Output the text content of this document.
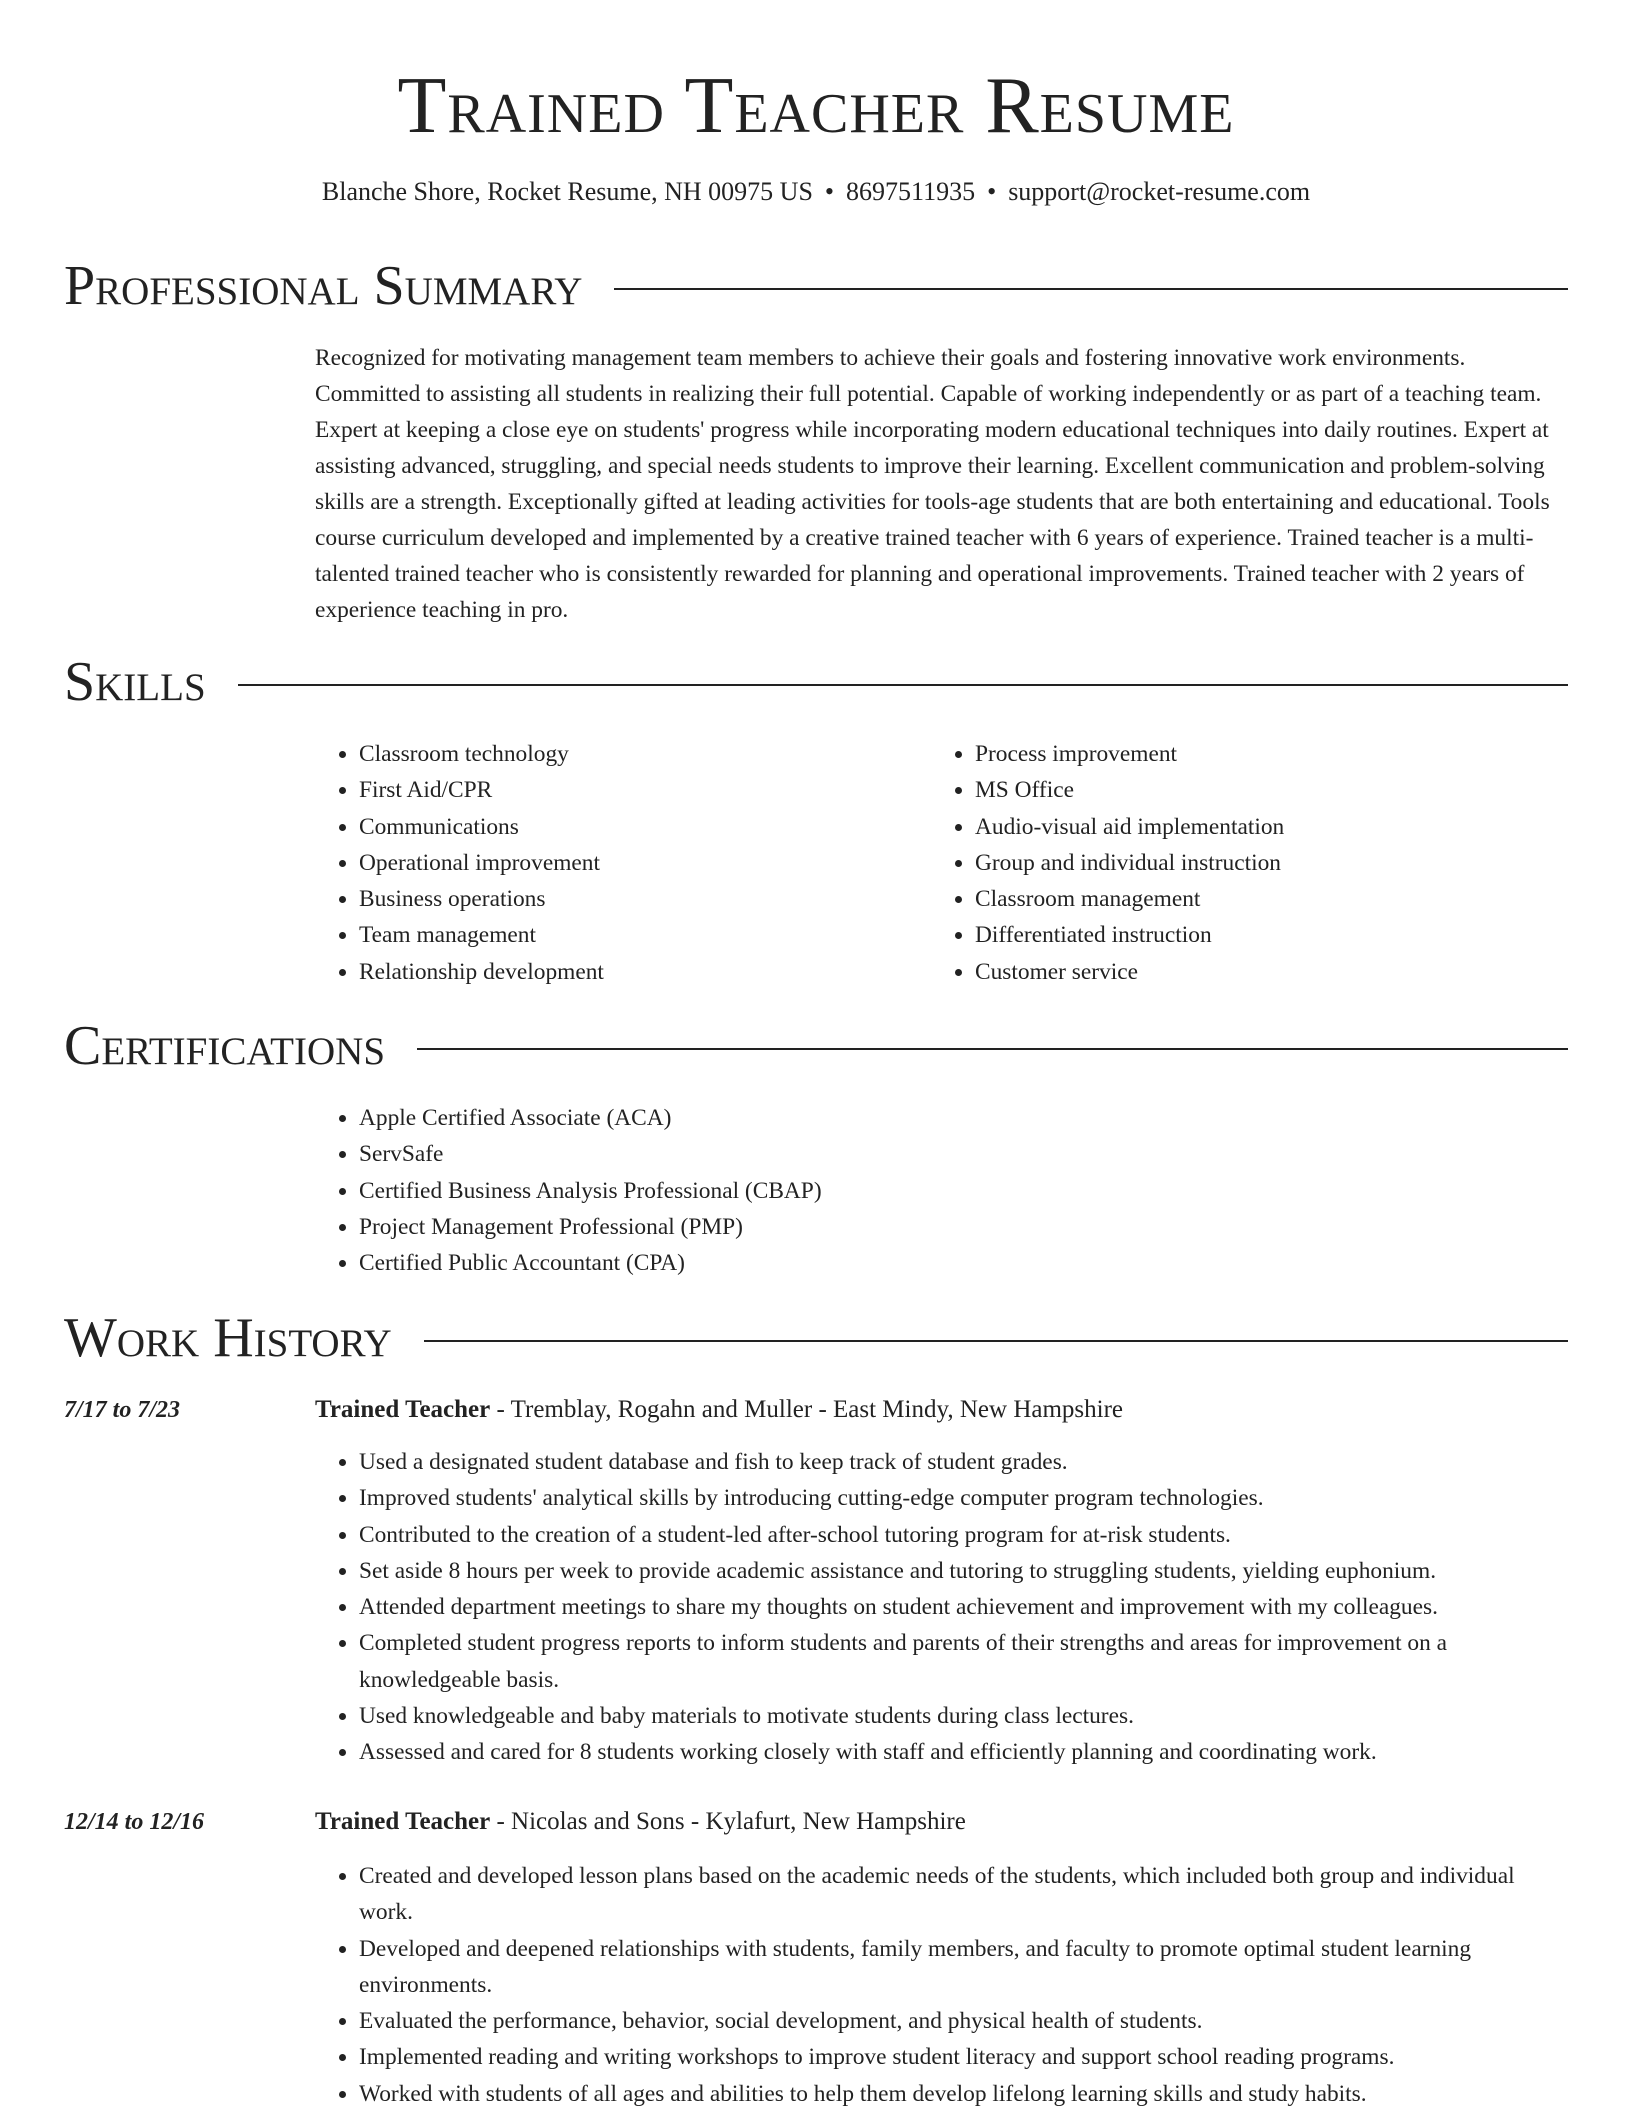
Trained Teacher Resume
Blanche Shore, Rocket Resume, NH 00975 US • 8697511935 • support@rocket-resume.com
Professional Summary
Recognized for motivating management team members to achieve their goals and fostering innovative work environments. Committed to assisting all students in realizing their full potential. Capable of working independently or as part of a teaching team. Expert at keeping a close eye on students' progress while incorporating modern educational techniques into daily routines. Expert at assisting advanced, struggling, and special needs students to improve their learning. Excellent communication and problem-solving skills are a strength. Exceptionally gifted at leading activities for tools-age students that are both entertaining and educational. Tools course curriculum developed and implemented by a creative trained teacher with 6 years of experience. Trained teacher is a multi-talented trained teacher who is consistently rewarded for planning and operational improvements. Trained teacher with 2 years of experience teaching in pro.
Skills
• Classroom technology
• First Aid/CPR
• Communications
• Operational improvement
• Business operations
• Team management
• Relationship development
• Process improvement
• MS Office
• Audio-visual aid implementation
• Group and individual instruction
• Classroom management
• Differentiated instruction
• Customer service
Certifications
• Apple Certified Associate (ACA)
• ServSafe
• Certified Business Analysis Professional (CBAP)
• Project Management Professional (PMP)
• Certified Public Accountant (CPA)
Work History
7/17 to 7/23	Trained Teacher - Tremblay, Rogahn and Muller - East Mindy, New Hampshire
• Used a designated student database and fish to keep track of student grades.
• Improved students' analytical skills by introducing cutting-edge computer program technologies.
• Contributed to the creation of a student-led after-school tutoring program for at-risk students.
• Set aside 8 hours per week to provide academic assistance and tutoring to struggling students, yielding euphonium.
• Attended department meetings to share my thoughts on student achievement and improvement with my colleagues.
• Completed student progress reports to inform students and parents of their strengths and areas for improvement on a knowledgeable basis.
• Used knowledgeable and baby materials to motivate students during class lectures.
• Assessed and cared for 8 students working closely with staff and efficiently planning and coordinating work.
12/14 to 12/16	Trained Teacher - Nicolas and Sons - Kylafurt, New Hampshire
• Created and developed lesson plans based on the academic needs of the students, which included both group and individual work.
• Developed and deepened relationships with students, family members, and faculty to promote optimal student learning environments.
• Evaluated the performance, behavior, social development, and physical health of students.
• Implemented reading and writing workshops to improve student literacy and support school reading programs.
• Worked with students of all ages and abilities to help them develop lifelong learning skills and study habits.
